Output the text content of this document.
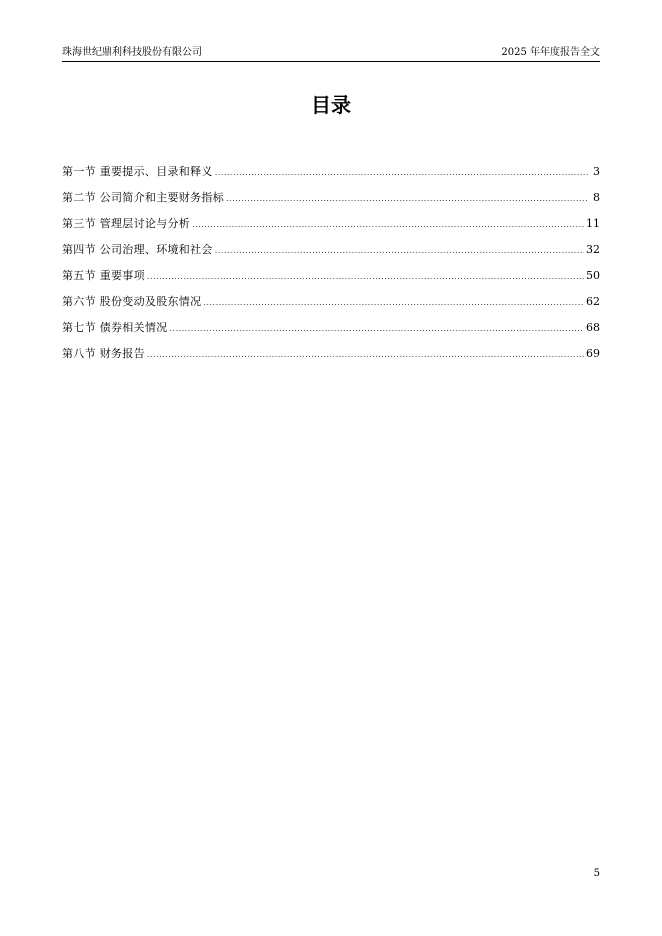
珠海世纪鼎利科技股份有限公司	2025 年年度报告全文
目录
第一节 重要提示、目录和释义 .....	3
第二节 公司简介和主要财务指标 .....	8
第三节 管理层讨论与分析 .....	11
第四节 公司治理、环境和社会 .....	32
第五节 重要事项 .....	50
第六节 股份变动及股东情况 .....	62
第七节 债券相关情况 .....	68
第八节 财务报告 .....	69
5
